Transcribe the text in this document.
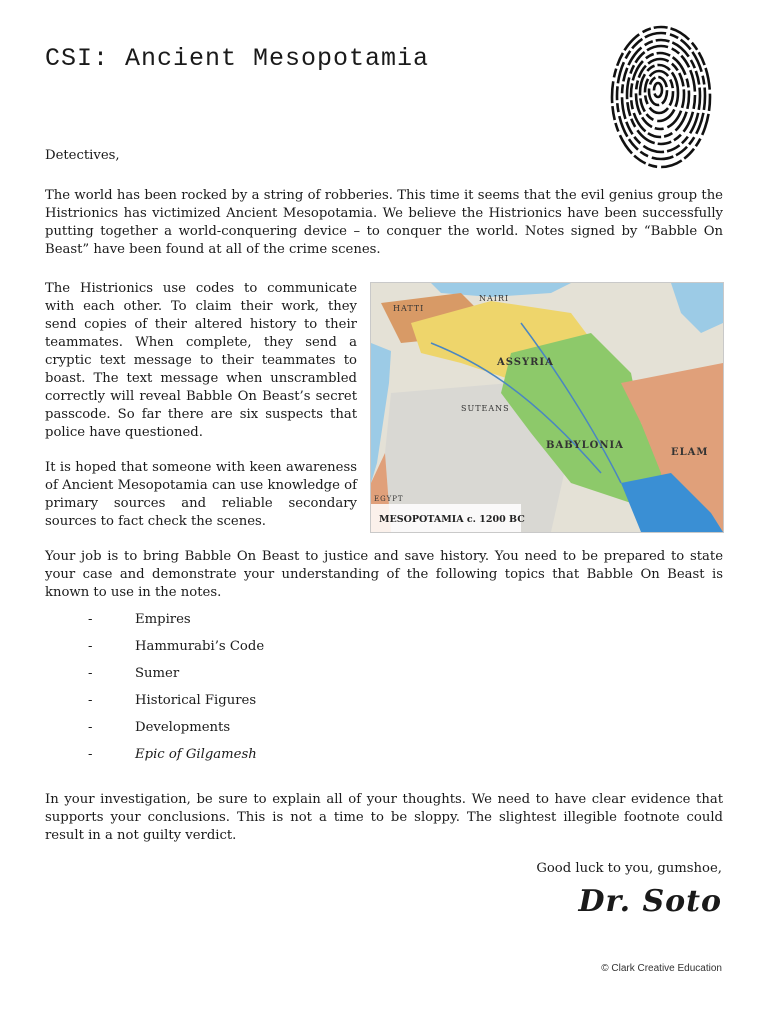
CSI: Ancient Mesopotamia

Detectives,

The world has been rocked by a string of robberies. This time it seems that the evil genius group the Histrionics has victimized Ancient Mesopotamia. We believe the Histrionics have been successfully putting together a world-conquering device – to conquer the world. Notes signed by “Babble On Beast” have been found at all of the crime scenes.

The Histrionics use codes to communicate with each other. To claim their work, they send copies of their altered history to their teammates. When complete, they send a cryptic text message to their teammates to boast. The text message when unscrambled correctly will reveal Babble On Beast’s secret passcode. So far there are six suspects that police have questioned.

It is hoped that someone with keen awareness of Ancient Mesopotamia can use knowledge of primary sources and reliable secondary sources to fact check the scenes.

HATTI
NAIRI
ASSYRIA
BABYLONIA
ELAM
SUTEANS
EGYPT
MESOPOTAMIA c. 1200 BC

Your job is to bring Babble On Beast to justice and save history. You need to be prepared to state your case and demonstrate your understanding of the following topics that Babble On Beast is known to use in the notes.

-	Empires
-	Hammurabi’s Code
-	Sumer
-	Historical Figures
-	Developments
-	Epic of Gilgamesh

In your investigation, be sure to explain all of your thoughts. We need to have clear evidence that supports your conclusions. This is not a time to be sloppy. The slightest illegible footnote could result in a not guilty verdict.

Good luck to you, gumshoe,

Dr. Soto

© Clark Creative Education
